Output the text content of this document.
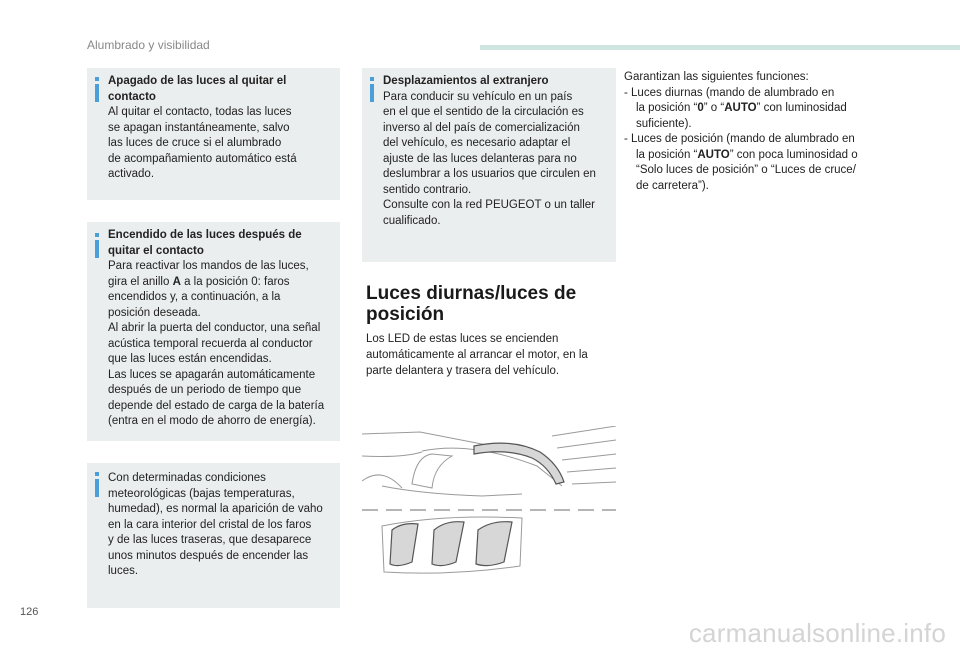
Alumbrado y visibilidad
Apagado de las luces al quitar el
contacto
Al quitar el contacto, todas las luces
se apagan instantáneamente, salvo
las luces de cruce si el alumbrado
de acompañamiento automático está
activado.
Encendido de las luces después de
quitar el contacto
Para reactivar los mandos de las luces,
gira el anillo A a la posición 0: faros
encendidos y, a continuación, a la
posición deseada.
Al abrir la puerta del conductor, una señal
acústica temporal recuerda al conductor
que las luces están encendidas.
Las luces se apagarán automáticamente
después de un periodo de tiempo que
depende del estado de carga de la batería
(entra en el modo de ahorro de energía).
Con determinadas condiciones
meteorológicas (bajas temperaturas,
humedad), es normal la aparición de vaho
en la cara interior del cristal de los faros
y de las luces traseras, que desaparece
unos minutos después de encender las
luces.
Desplazamientos al extranjero
Para conducir su vehículo en un país
en el que el sentido de la circulación es
inverso al del país de comercialización
del vehículo, es necesario adaptar el
ajuste de las luces delanteras para no
deslumbrar a los usuarios que circulen en
sentido contrario.
Consulte con la red PEUGEOT o un taller
cualificado.
Luces diurnas/luces de
posición
Los LED de estas luces se encienden
automáticamente al arrancar el motor, en la
parte delantera y trasera del vehículo.
Garantizan las siguientes funciones:
- Luces diurnas (mando de alumbrado en
la posición “0” o “AUTO” con luminosidad
suficiente).
- Luces de posición (mando de alumbrado en
la posición “AUTO” con poca luminosidad o
“Solo luces de posición” o “Luces de cruce/
de carretera”).
126
carmanualsonline.info
